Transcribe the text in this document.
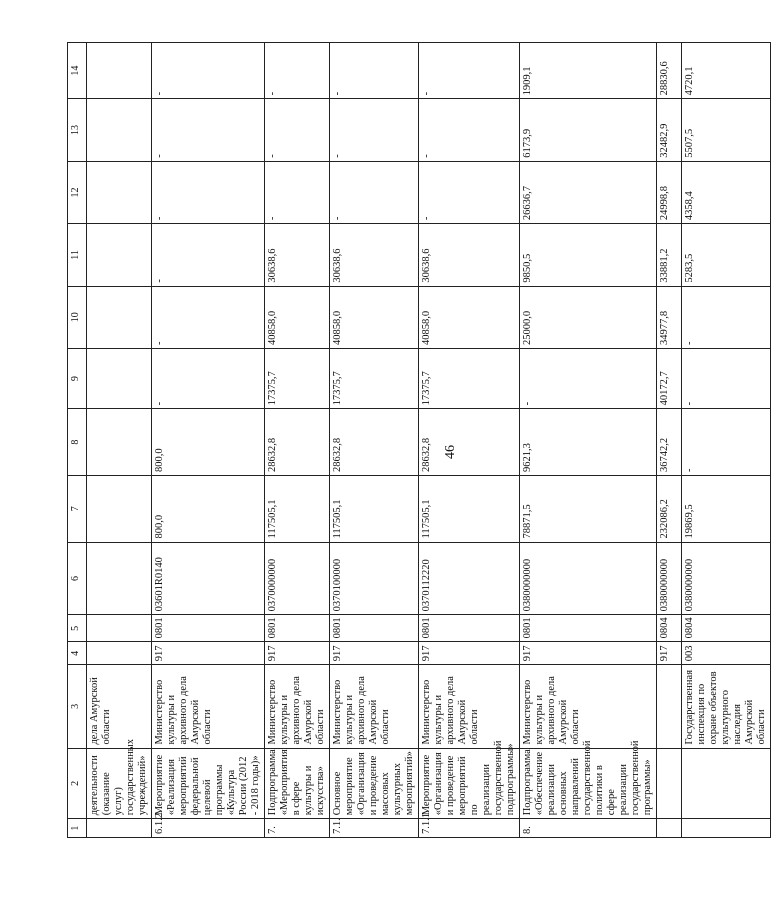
46
1	2	3	4	5	6	7	8	9	10	11	12	13	14
	деятельности (оказание услуг) государственных учреждений»	дела Амурской области											
6.1.2.	Мероприятие «Реализация мероприятий федеральной целевой программы «Культура России (2012 - 2018 годы)»	Министерство культуры и архивного дела Амурской области	917	0801	03601R0140	800,0	800,0	-	-	-	-	-	-
7.	Подпрограмма «Мероприятия в сфере культуры и искусства»	Министерство культуры и архивного дела Амурской области	917	0801	0370000000	117505,1	28632,8	17375,7	40858,0	30638,6	-	-	-
7.1.	Основное мероприятие «Организация и проведение массовых культурных мероприятий»	Министерство культуры и архивного дела Амурской области	917	0801	0370100000	117505,1	28632,8	17375,7	40858,0	30638,6	-	-	-
7.1.1.	Мероприятие «Организация и проведение мероприятий по реализации государственной подпрограммы»	Министерство культуры и архивного дела Амурской области	917	0801	0370112220	117505,1	28632,8	17375,7	40858,0	30638,6	-	-	-
8.	Подпрограмма «Обеспечение реализации основных направлений государственной политики в сфере реализации государственной программы»	Министерство культуры и архивного дела Амурской области	917	0801	0380000000	78871,5	9621,3	-	25000,0	9850,5	26636,7	6173,9	1909,1
			917	0804	0380000000	232086,2	36742,2	40172,7	34977,8	33881,2	24998,8	32482,9	28830,6
		Государственная инспекция по охране объектов культурного наследия Амурской области	003	0804	0380000000	19869,5	-	-	-	5283,5	4358,4	5507,5	4720,1
